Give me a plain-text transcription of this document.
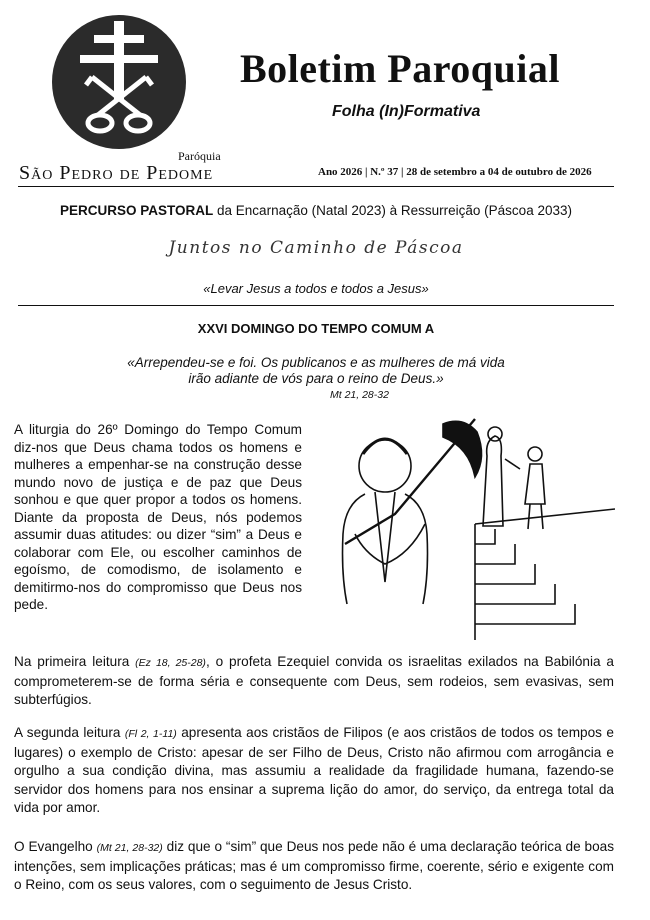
Paróquia
São Pedro de Pedome
Boletim Paroquial
Folha (In)Formativa
Ano 2026 | N.º 37 | 28 de setembro a 04 de outubro de 2026
PERCURSO PASTORAL da Encarnação (Natal 2023) à Ressurreição (Páscoa 2033)
Juntos no Caminho de Páscoa
«Levar Jesus a todos e todos a Jesus»
XXVI DOMINGO DO TEMPO COMUM A
«Arrependeu-se e foi. Os publicanos e as mulheres de má vida
irão adiante de vós para o reino de Deus.»
Mt 21, 28-32
A liturgia do 26º Domingo do Tempo Comum diz-nos que Deus chama todos os homens e mulheres a empenhar-se na construção desse mundo novo de justiça e de paz que Deus sonhou e que quer propor a todos os homens. Diante da proposta de Deus, nós podemos assumir duas atitudes: ou dizer “sim” a Deus e colaborar com Ele, ou escolher caminhos de egoísmo, de comodismo, de isolamento e demitirmo-nos do compromisso que Deus nos pede.
Na primeira leitura (Ez 18, 25-28), o profeta Ezequiel convida os israelitas exilados na Babilónia a comprometerem-se de forma séria e consequente com Deus, sem rodeios, sem evasivas, sem subterfúgios.
A segunda leitura (Fl 2, 1-11) apresenta aos cristãos de Filipos (e aos cristãos de todos os tempos e lugares) o exemplo de Cristo: apesar de ser Filho de Deus, Cristo não afirmou com arrogância e orgulho a sua condição divina, mas assumiu a realidade da fragilidade humana, fazendo-se servidor dos homens para nos ensinar a suprema lição do amor, do serviço, da entrega total da vida por amor.
O Evangelho (Mt 21, 28-32) diz que o “sim” que Deus nos pede não é uma declaração teórica de boas intenções, sem implicações práticas; mas é um compromisso firme, coerente, sério e exigente com o Reino, com os seus valores, com o seguimento de Jesus Cristo.
